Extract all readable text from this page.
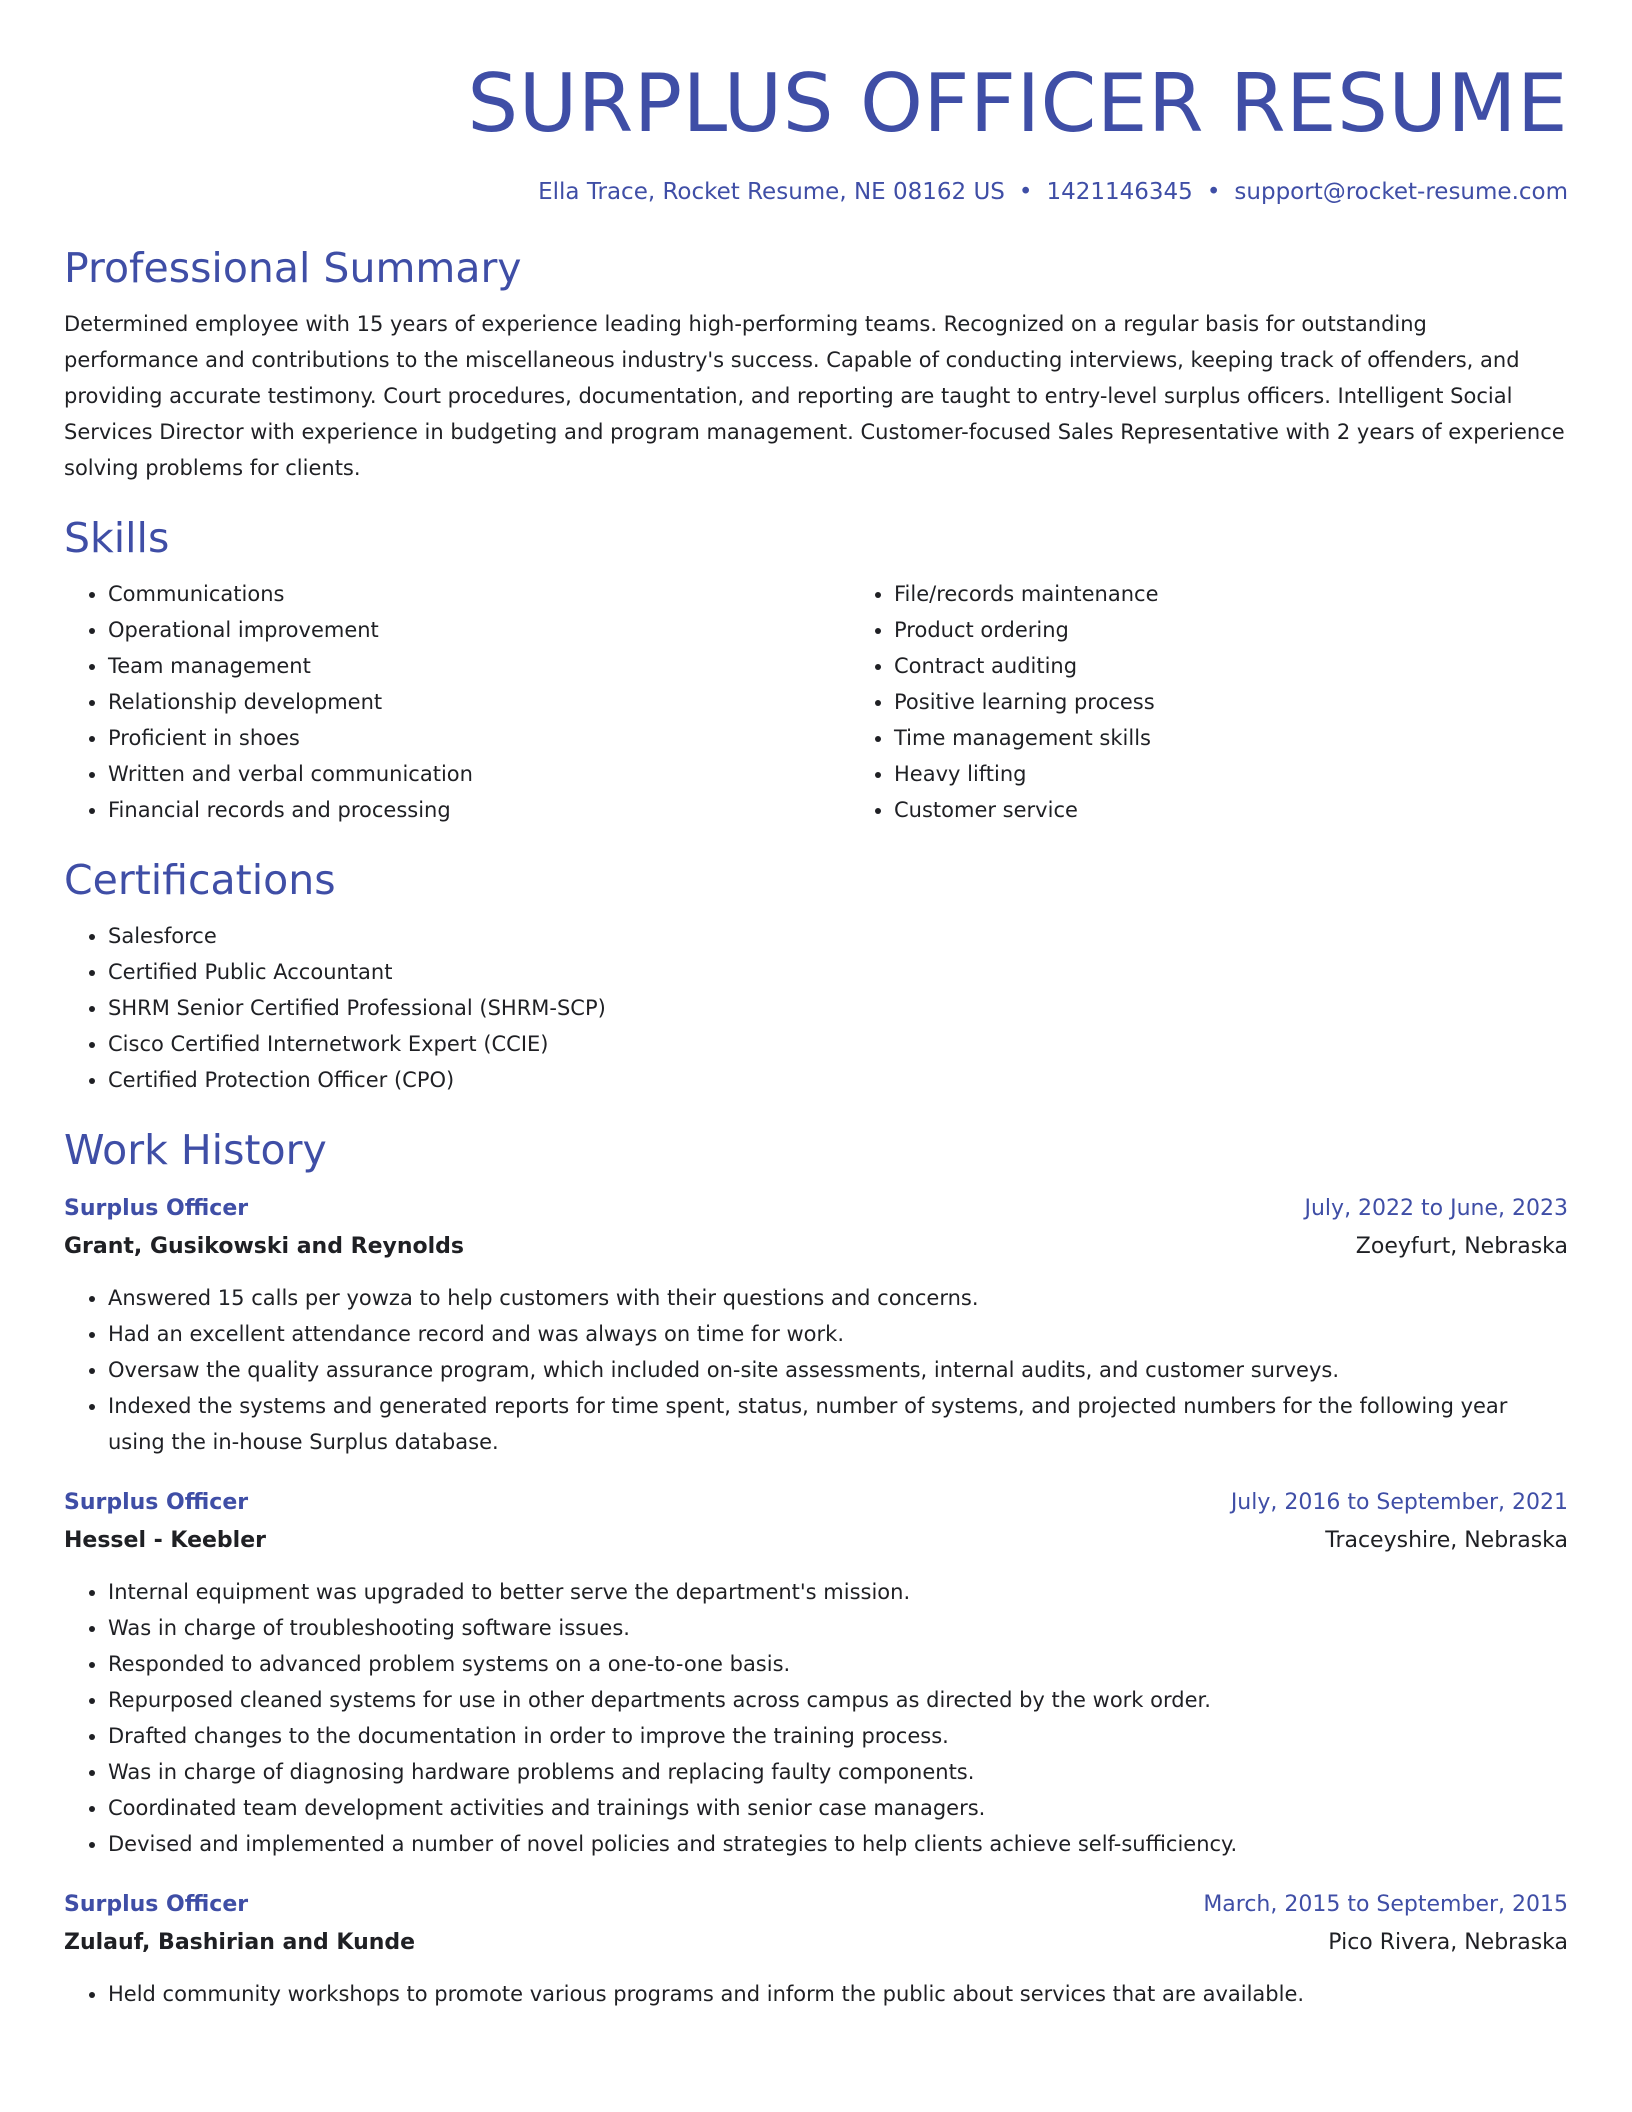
SURPLUS OFFICER RESUME
Ella Trace, Rocket Resume, NE 08162 US • 1421146345 • support@rocket-resume.com
Professional Summary

Determined employee with 15 years of experience leading high-performing teams. Recognized on a regular basis for outstanding performance and contributions to the miscellaneous industry's success. Capable of conducting interviews, keeping track of offenders, and providing accurate testimony. Court procedures, documentation, and reporting are taught to entry-level surplus officers. Intelligent Social Services Director with experience in budgeting and program management. Customer-focused Sales Representative with 2 years of experience solving problems for clients.

Skills
• Communications
• Operational improvement
• Team management
• Relationship development
• Proficient in shoes
• Written and verbal communication
• Financial records and processing
• File/records maintenance
• Product ordering
• Contract auditing
• Positive learning process
• Time management skills
• Heavy lifting
• Customer service
Certifications
• Salesforce
• Certified Public Accountant
• SHRM Senior Certified Professional (SHRM-SCP)
• Cisco Certified Internetwork Expert (CCIE)
• Certified Protection Officer (CPO)
Work History
Surplus Officer	July, 2022 to June, 2023
Grant, Gusikowski and Reynolds	Zoeyfurt, Nebraska
• Answered 15 calls per yowza to help customers with their questions and concerns.
• Had an excellent attendance record and was always on time for work.
• Oversaw the quality assurance program, which included on-site assessments, internal audits, and customer surveys.
• Indexed the systems and generated reports for time spent, status, number of systems, and projected numbers for the following year using the in-house Surplus database.
Surplus Officer	July, 2016 to September, 2021
Hessel - Keebler	Traceyshire, Nebraska
• Internal equipment was upgraded to better serve the department's mission.
• Was in charge of troubleshooting software issues.
• Responded to advanced problem systems on a one-to-one basis.
• Repurposed cleaned systems for use in other departments across campus as directed by the work order.
• Drafted changes to the documentation in order to improve the training process.
• Was in charge of diagnosing hardware problems and replacing faulty components.
• Coordinated team development activities and trainings with senior case managers.
• Devised and implemented a number of novel policies and strategies to help clients achieve self-sufficiency.
Surplus Officer	March, 2015 to September, 2015
Zulauf, Bashirian and Kunde	Pico Rivera, Nebraska
• Held community workshops to promote various programs and inform the public about services that are available.
